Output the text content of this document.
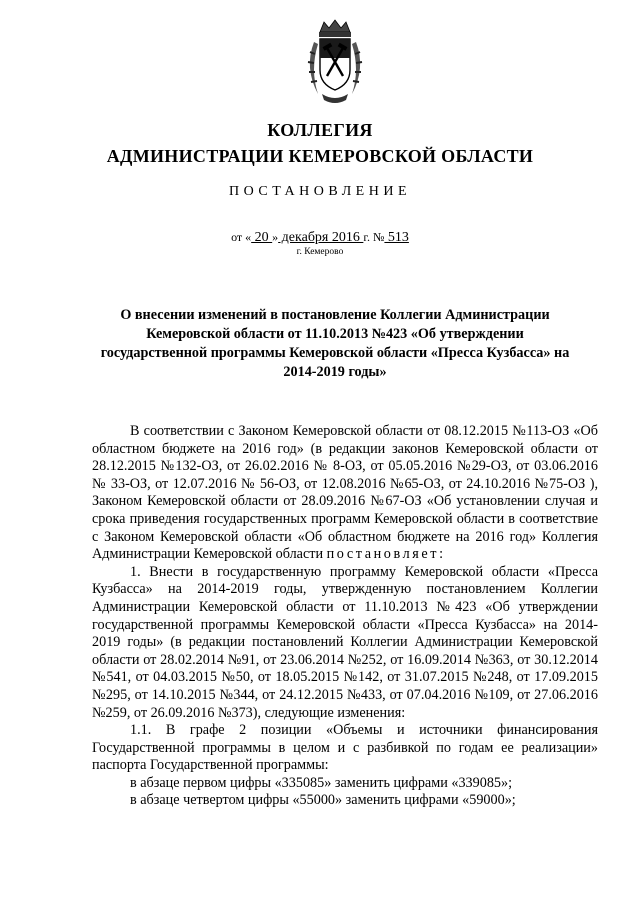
КОЛЛЕГИЯ
АДМИНИСТРАЦИИ КЕМЕРОВСКОЙ ОБЛАСТИ
ПОСТАНОВЛЕНИЕ
от « 20 » декабря 2016 г. № 513
г. Кемерово
О внесении изменений в постановление Коллегии Администрации Кемеровской области от 11.10.2013 №423 «Об утверждении государственной программы Кемеровской области «Пресса Кузбасса» на 2014-2019 годы»

В соответствии с Законом Кемеровской области от 08.12.2015 №113-ОЗ «Об областном бюджете на 2016 год» (в редакции законов Кемеровской области от 28.12.2015 №132-ОЗ, от 26.02.2016 № 8-ОЗ, от 05.05.2016 №29-ОЗ, от 03.06.2016 № 33-ОЗ, от 12.07.2016 № 56-ОЗ, от 12.08.2016 №65-ОЗ, от 24.10.2016 №75-ОЗ ), Законом Кемеровской области от 28.09.2016 №67-ОЗ «Об установлении случая и срока приведения государственных программ Кемеровской области в соответствие с Законом Кемеровской области «Об областном бюджете на 2016 год» Коллегия Администрации Кемеровской области постановляет:

1. Внести в государственную программу Кемеровской области «Пресса Кузбасса» на 2014-2019 годы, утвержденную постановлением Коллегии Администрации Кемеровской области от 11.10.2013 №423 «Об утверждении государственной программы Кемеровской области «Пресса Кузбасса» на 2014-2019 годы» (в редакции постановлений Коллегии Администрации Кемеровской области от 28.02.2014 №91, от 23.06.2014 №252, от 16.09.2014 №363, от 30.12.2014 №541, от 04.03.2015 №50, от 18.05.2015 №142, от 31.07.2015 №248, от 17.09.2015 №295, от 14.10.2015 №344, от 24.12.2015 №433, от 07.04.2016 №109, от 27.06.2016 №259, от 26.09.2016 №373), следующие изменения:

1.1. В графе 2 позиции «Объемы и источники финансирования Государственной программы в целом и с разбивкой по годам ее реализации» паспорта Государственной программы:

в абзаце первом цифры «335085» заменить цифрами «339085»;

в абзаце четвертом цифры «55000» заменить цифрами «59000»;
